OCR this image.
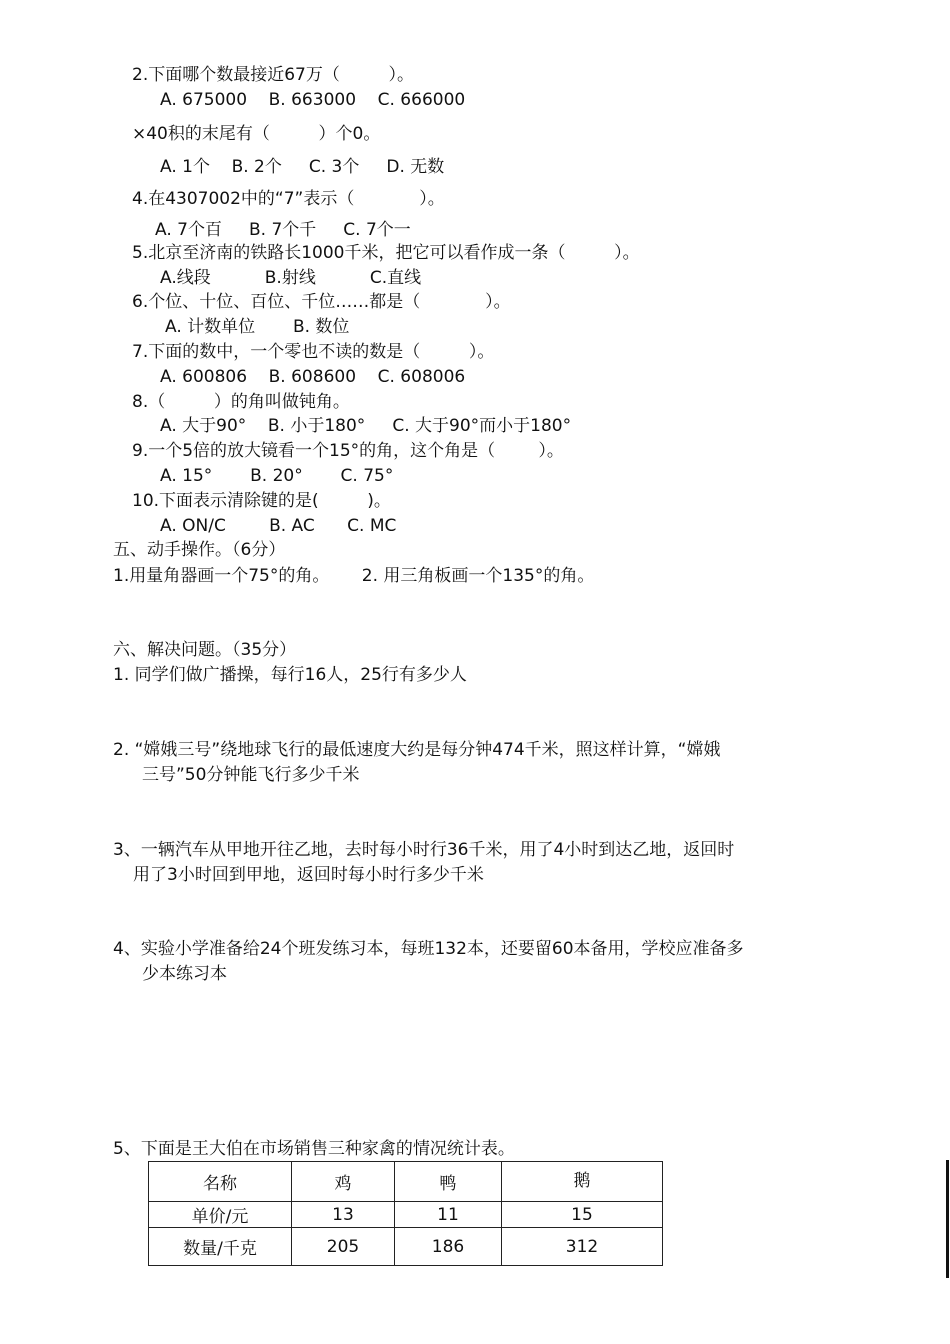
2.下面哪个数最接近67万（         ）。
A. 675000    B. 663000    C. 666000
×40积的末尾有（         ）个0。
A. 1个    B. 2个     C. 3个     D. 无数
4.在4307002中的“7”表示（            ）。
A. 7个百     B. 7个千     C. 7个一
5.北京至济南的铁路长1000千米，把它可以看作成一条（         ）。
A.线段          B.射线          C.直线
6.个位、十位、百位、千位……都是（            ）。
A. 计数单位       B. 数位
7.下面的数中，一个零也不读的数是（         ）。
A. 600806    B. 608600    C. 608006
8.（         ）的角叫做钝角。
A. 大于90°    B. 小于180°     C. 大于90°而小于180°
9.一个5倍的放大镜看一个15°的角，这个角是（        ）。
A. 15°       B. 20°       C. 75°
10.下面表示清除键的是(         )。
A. ON/C        B. AC      C. MC
五、动手操作。（6分）
1.用量角器画一个75°的角。      2. 用三角板画一个135°的角。
六、解决问题。（35分）
1. 同学们做广播操，每行16人，25行有多少人
2. “嫦娥三号”绕地球飞行的最低速度大约是每分钟474千米，照这样计算，“嫦娥
三号”50分钟能飞行多少千米
3、一辆汽车从甲地开往乙地，去时每小时行36千米，用了4小时到达乙地，返回时
用了3小时回到甲地，返回时每小时行多少千米
4、实验小学准备给24个班发练习本，每班132本，还要留60本备用，学校应准备多
少本练习本
5、下面是王大伯在市场销售三种家禽的情况统计表。
名称	鸡	鸭	鹅
单价/元	13	11	15
数量/千克	205	186	312
